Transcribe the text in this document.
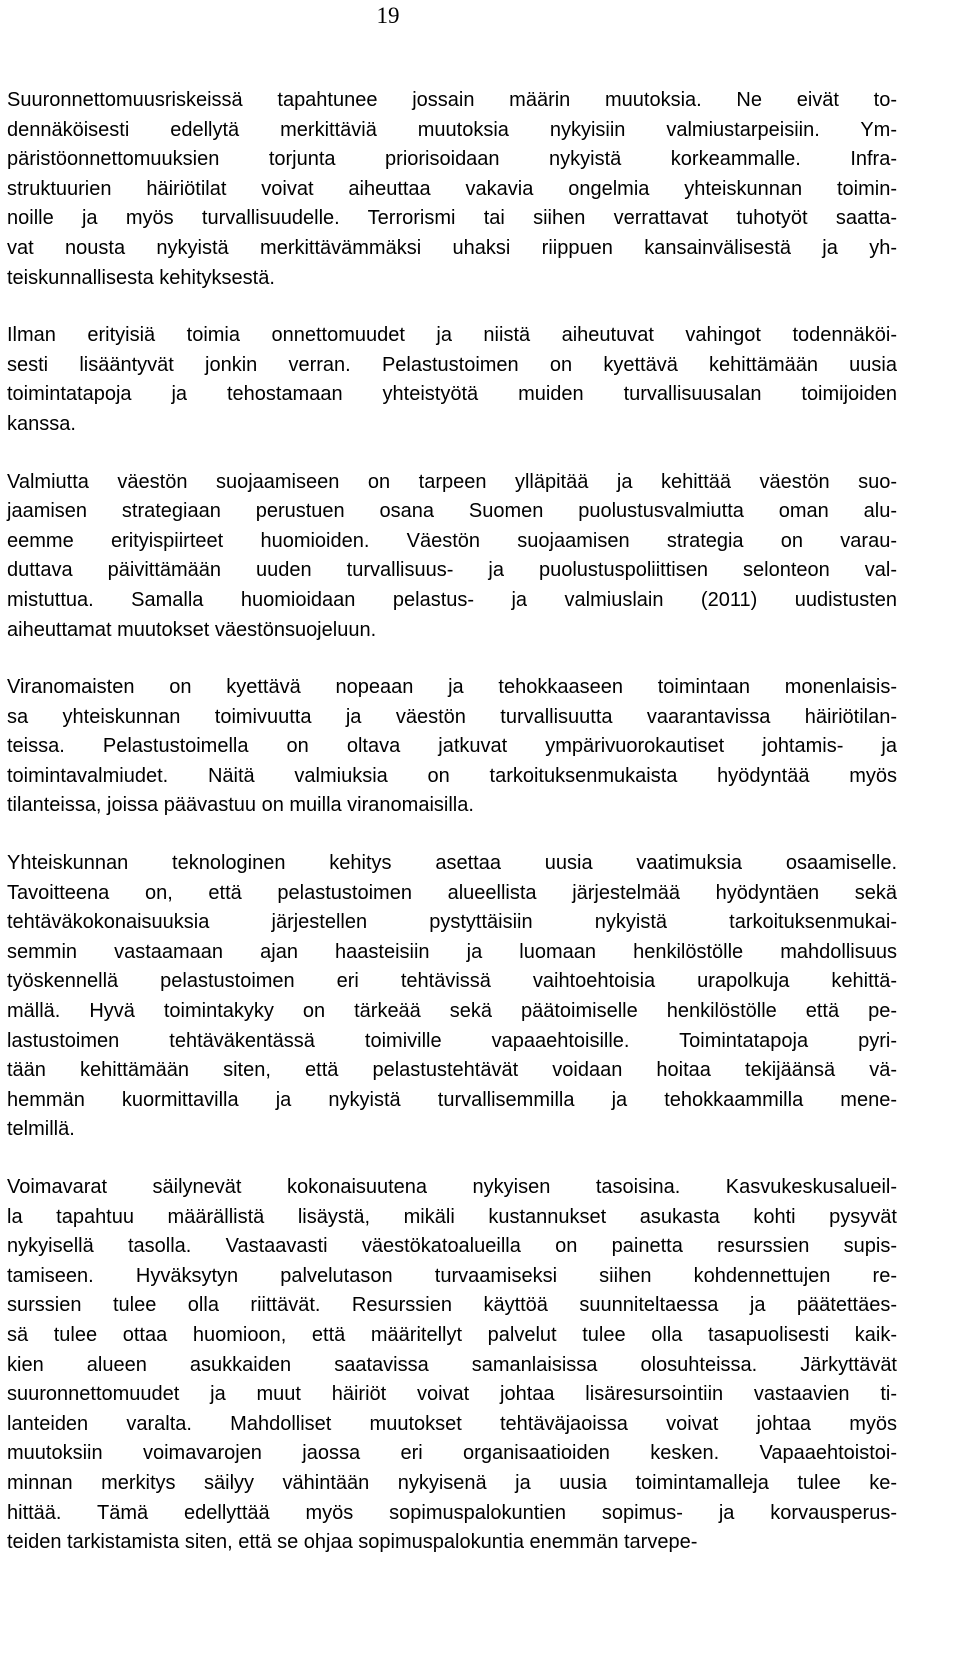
19
Suuronnettomuusriskeissä tapahtunee jossain määrin muutoksia. Ne eivät to-
dennäköisesti edellytä merkittäviä muutoksia nykyisiin valmiustarpeisiin. Ym-
päristöonnettomuuksien torjunta priorisoidaan nykyistä korkeammalle. Infra-
struktuurien häiriötilat voivat aiheuttaa vakavia ongelmia yhteiskunnan toimin-
noille ja myös turvallisuudelle. Terrorismi tai siihen verrattavat tuhotyöt saatta-
vat nousta nykyistä merkittävämmäksi uhaksi riippuen kansainvälisestä ja yh-
teiskunnallisesta kehityksestä.
Ilman erityisiä toimia onnettomuudet ja niistä aiheutuvat vahingot todennäköi-
sesti lisääntyvät jonkin verran. Pelastustoimen on kyettävä kehittämään uusia
toimintatapoja ja tehostamaan yhteistyötä muiden turvallisuusalan toimijoiden
kanssa.
Valmiutta väestön suojaamiseen on tarpeen ylläpitää ja kehittää väestön suo-
jaamisen strategiaan perustuen osana Suomen puolustusvalmiutta oman alu-
eemme erityispiirteet huomioiden. Väestön suojaamisen strategia on varau-
duttava päivittämään uuden turvallisuus- ja puolustuspoliittisen selonteon val-
mistuttua. Samalla huomioidaan pelastus- ja valmiuslain (2011) uudistusten
aiheuttamat muutokset väestönsuojeluun.
Viranomaisten on kyettävä nopeaan ja tehokkaaseen toimintaan monenlaisis-
sa yhteiskunnan toimivuutta ja väestön turvallisuutta vaarantavissa häiriötilan-
teissa. Pelastustoimella on oltava jatkuvat ympärivuorokautiset johtamis- ja
toimintavalmiudet. Näitä valmiuksia on tarkoituksenmukaista hyödyntää myös
tilanteissa, joissa päävastuu on muilla viranomaisilla.
Yhteiskunnan teknologinen kehitys asettaa uusia vaatimuksia osaamiselle.
Tavoitteena on, että pelastustoimen alueellista järjestelmää hyödyntäen sekä
tehtäväkokonaisuuksia järjestellen pystyttäisiin nykyistä tarkoituksenmukai-
semmin vastaamaan ajan haasteisiin ja luomaan henkilöstölle mahdollisuus
työskennellä pelastustoimen eri tehtävissä vaihtoehtoisia urapolkuja kehittä-
mällä. Hyvä toimintakyky on tärkeää sekä päätoimiselle henkilöstölle että pe-
lastustoimen tehtäväkentässä toimiville vapaaehtoisille. Toimintatapoja pyri-
tään kehittämään siten, että pelastustehtävät voidaan hoitaa tekijäänsä vä-
hemmän kuormittavilla ja nykyistä turvallisemmilla ja tehokkaammilla mene-
telmillä.
Voimavarat säilynevät kokonaisuutena nykyisen tasoisina. Kasvukeskusalueil-
la tapahtuu määrällistä lisäystä, mikäli kustannukset asukasta kohti pysyvät
nykyisellä tasolla. Vastaavasti väestökatoalueilla on painetta resurssien supis-
tamiseen. Hyväksytyn palvelutason turvaamiseksi siihen kohdennettujen re-
surssien tulee olla riittävät. Resurssien käyttöä suunniteltaessa ja päätettäes-
sä tulee ottaa huomioon, että määritellyt palvelut tulee olla tasapuolisesti kaik-
kien alueen asukkaiden saatavissa samanlaisissa olosuhteissa. Järkyttävät
suuronnettomuudet ja muut häiriöt voivat johtaa lisäresursointiin vastaavien ti-
lanteiden varalta. Mahdolliset muutokset tehtäväjaoissa voivat johtaa myös
muutoksiin voimavarojen jaossa eri organisaatioiden kesken. Vapaaehtoistoi-
minnan merkitys säilyy vähintään nykyisenä ja uusia toimintamalleja tulee ke-
hittää. Tämä edellyttää myös sopimuspalokuntien sopimus- ja korvausperus-
teiden tarkistamista siten, että se ohjaa sopimuspalokuntia enemmän tarvepe-
